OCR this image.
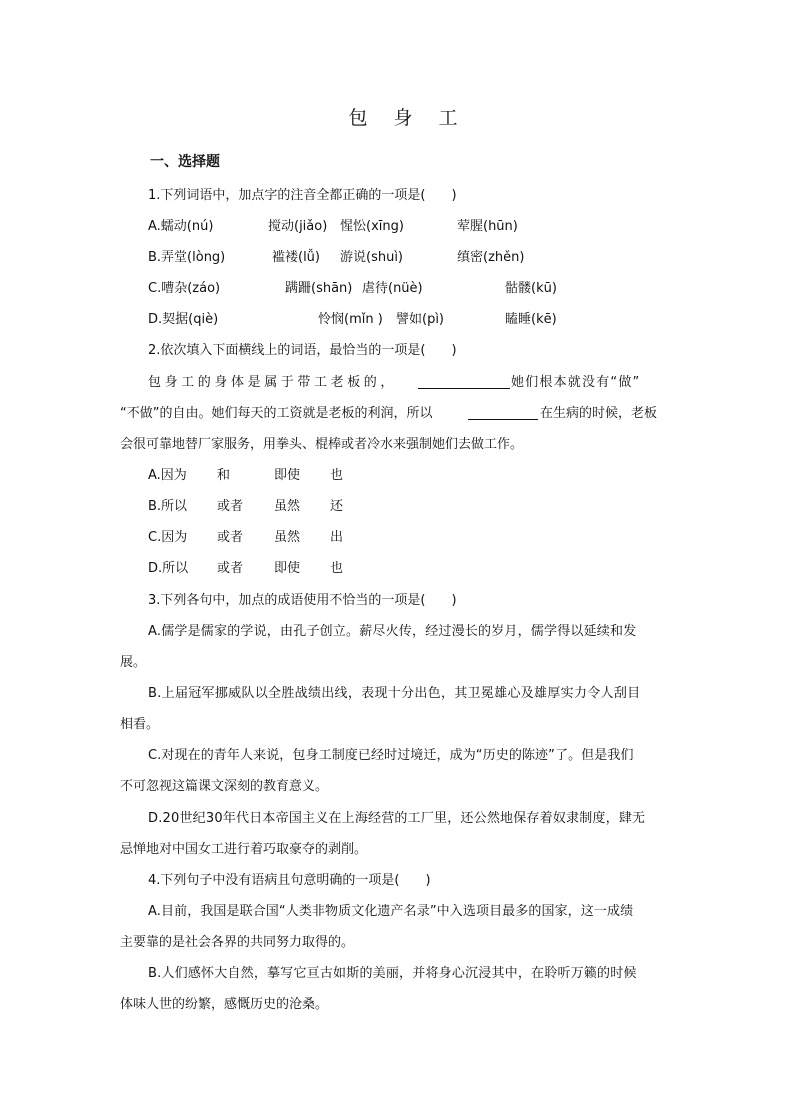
包 身 工
一、选择题
1.下列词语中，加点字的注音全都正确的一项是(　　)
A.蠕动(nú)	搅动(jiǎo) 惺忪(xīng)	荤腥(hūn)
B.弄堂(lòng)	褴褛(lǚ) 游说(shuì)	缜密(zhěn)
C.嘈杂(záo)	蹒跚(shān) 虐待(nüè)	骷髅(kū)
D.契据(qiè)	怜悯(mǐn ) 譬如(pì)	瞌睡(kē)
2.依次填入下面横线上的词语，最恰当的一项是(　　)
包身工的身体是属于带工老板的，	她们根本就没有“做”
“不做”的自由。她们每天的工资就是老板的利润，所以	在生病的时候，老板
会很可靠地替厂家服务，用拳头、棍棒或者冷水来强制她们去做工作。
A.因为 和	即使 也
B.所以 或者 虽然 还
C.因为 或者 虽然 出
D.所以 或者 即使 也
3.下列各句中，加点的成语使用不恰当的一项是(　　)
A.儒学是儒家的学说，由孔子创立。薪尽火传，经过漫长的岁月，儒学得以延续和发
展。
B.上届冠军挪威队以全胜战绩出线，表现十分出色，其卫冕雄心及雄厚实力令人刮目
相看。
C.对现在的青年人来说，包身工制度已经时过境迁，成为“历史的陈迹”了。但是我们
不可忽视这篇课文深刻的教育意义。
D.20世纪30年代日本帝国主义在上海经营的工厂里，还公然地保存着奴隶制度，肆无
忌惮地对中国女工进行着巧取豪夺的剥削。
4.下列句子中没有语病且句意明确的一项是(　　)
A.目前，我国是联合国“人类非物质文化遗产名录”中入选项目最多的国家，这一成绩
主要靠的是社会各界的共同努力取得的。
B.人们感怀大自然，摹写它亘古如斯的美丽，并将身心沉浸其中，在聆听万籁的时候
体味人世的纷繁，感慨历史的沧桑。
